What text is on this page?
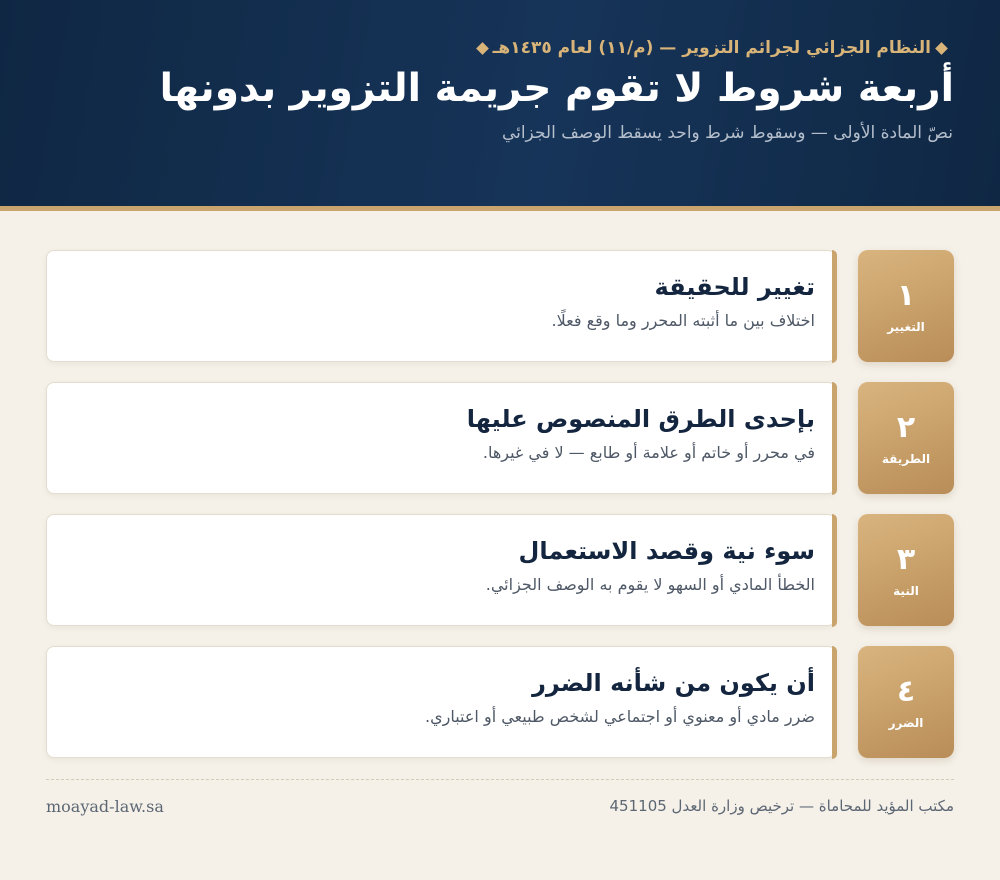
النظام الجزائي لجرائم التزوير — (م/١١) لعام ١٤٣٥هـ
أربعة شروط لا تقوم جريمة التزوير بدونها
نصّ المادة الأولى — وسقوط شرط واحد يسقط الوصف الجزائي
تغيير للحقيقة
اختلاف بين ما أثبته المحرر وما وقع فعلًا.
١
التغيير
بإحدى الطرق المنصوص عليها
في محرر أو خاتم أو علامة أو طابع — لا في غيرها.
٢
الطريقة
سوء نية وقصد الاستعمال
الخطأ المادي أو السهو لا يقوم به الوصف الجزائي.
٣
النية
أن يكون من شأنه الضرر
ضرر مادي أو معنوي أو اجتماعي لشخص طبيعي أو اعتباري.
٤
الضرر
مكتب المؤيد للمحاماة — ترخيص وزارة العدل 451105
moayad-law.sa
